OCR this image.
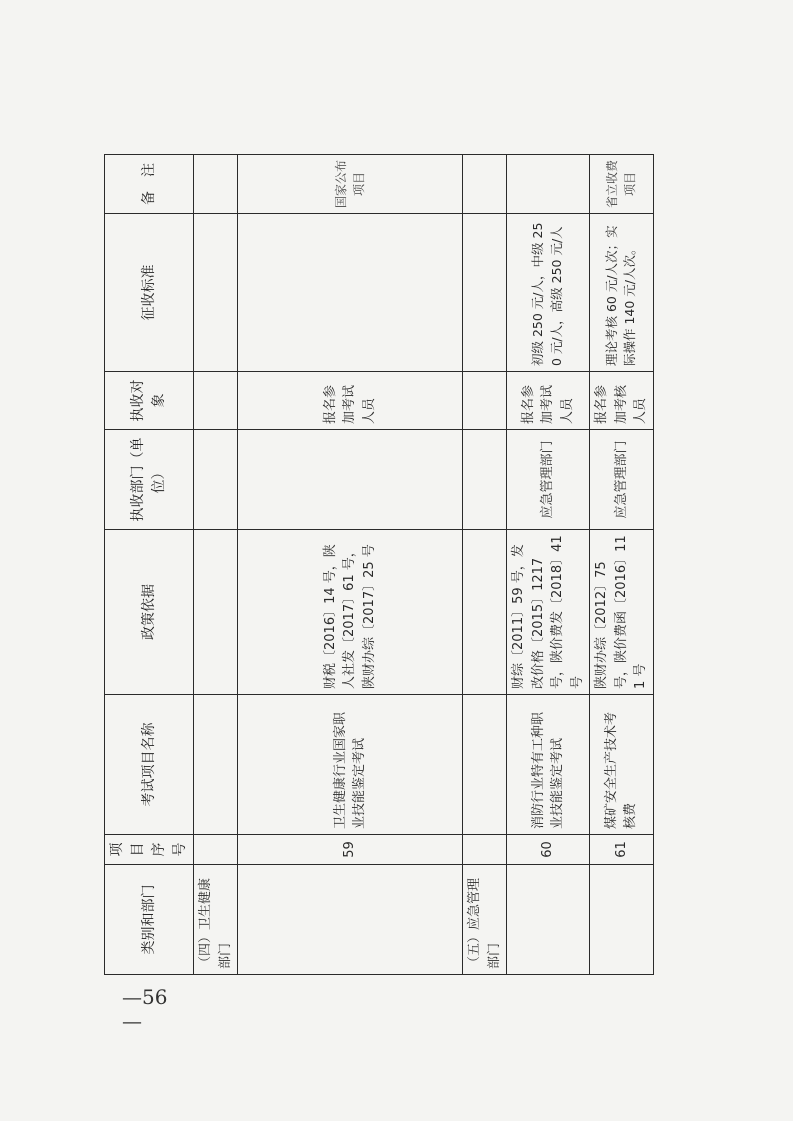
—56—
类别和部门	项目序号	考试项目名称	政策依据	执收部门（单位）	执收对象	征收标准	备　注
（四）卫生健康部门							
	59	卫生健康行业国家职业技能鉴定考试	财税〔2016〕14 号，陕人社发〔2017〕61 号，陕财办综〔2017〕25 号		报名参加考试人员		国家公布项目
（五）应急管理部门							
	60	消防行业特有工种职业技能鉴定考试	财综〔2011〕59 号，发改价格〔2015〕1217 号，陕价费发〔2018〕41 号	应急管理部门	报名参加考试人员	初级 250 元/人，中级 250 元/人，高级 250 元/人	
	61	煤矿安全生产技术考核费	陕财办综〔2012〕75 号，陕价费函〔2016〕111 号	应急管理部门	报名参加考核人员	理论考核 60 元/人次；实际操作 140 元/人次。	省立收费项目
